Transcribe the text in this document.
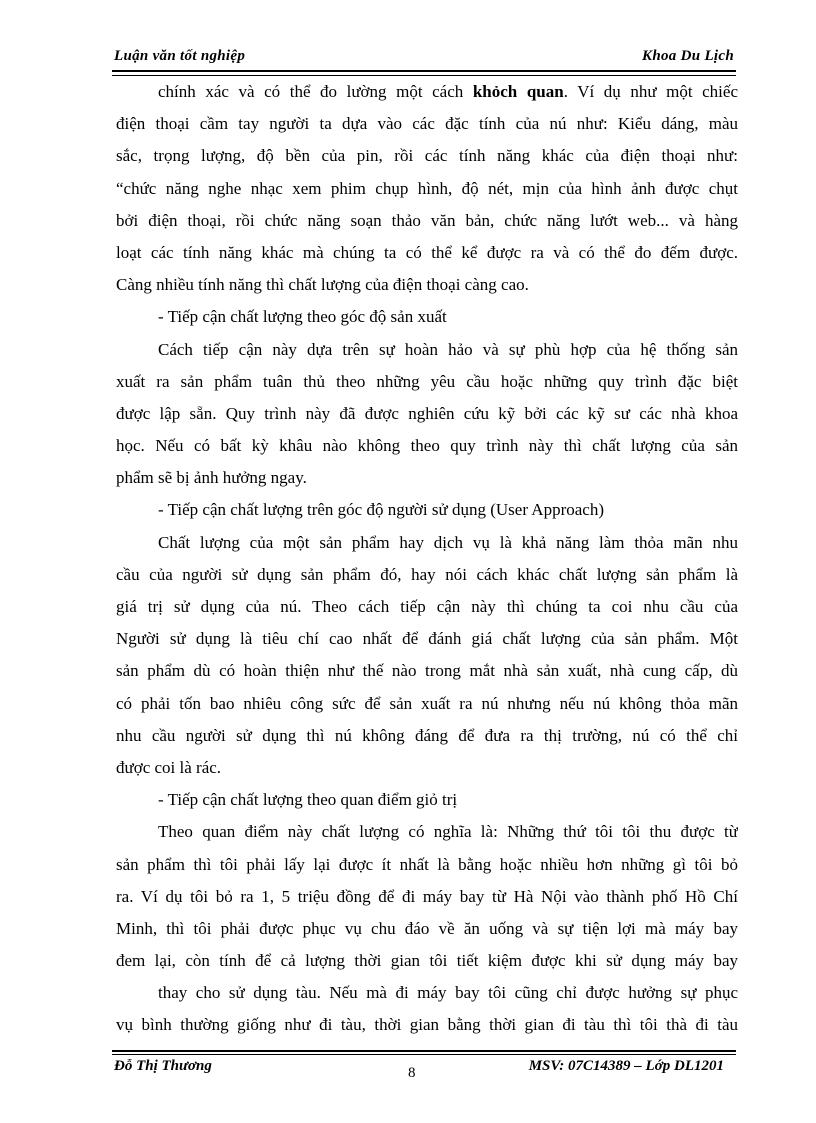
Luận văn tốt nghiệp	Khoa Du Lịch
chính xác và có thể đo lường một cách khỏch quan. Ví dụ như một chiếc
điện thoại cầm tay người ta dựa vào các đặc tính của nú như: Kiểu dáng, màu
sắc, trọng lượng, độ bền của pin, rồi các tính năng khác của điện thoại như:
“chức năng nghe nhạc xem phim chụp hình, độ nét, mịn của hình ảnh được chụt
bởi điện thoại, rồi chức năng soạn thảo văn bản, chức năng lướt web... và hàng
loạt các tính năng khác mà chúng ta có thể kể được ra và có thể đo đếm được.
Càng nhiều tính năng thì chất lượng của điện thoại càng cao.
- Tiếp cận chất lượng theo góc độ sản xuất
Cách tiếp cận này dựa trên sự hoàn hảo và sự phù hợp của hệ thống sản
xuất ra sản phẩm tuân thủ theo những yêu cầu hoặc những quy trình đặc biệt
được lập sẵn. Quy trình này đã được nghiên cứu kỹ bởi các kỹ sư các nhà khoa
học. Nếu có bất kỳ khâu nào không theo quy trình này thì chất lượng của sản
phẩm sẽ bị ảnh hưởng ngay.
- Tiếp cận chất lượng trên góc độ người sử dụng (User Approach)
Chất lượng của một sản phẩm hay dịch vụ là khả năng làm thỏa mãn nhu
cầu của người sử dụng sản phẩm đó, hay nói cách khác chất lượng sản phẩm là
giá trị sử dụng của nú. Theo cách tiếp cận này thì chúng ta coi nhu cầu của
Người sử dụng là tiêu chí cao nhất để đánh giá chất lượng của sản phẩm. Một
sản phẩm dù có hoàn thiện như thế nào trong mắt nhà sản xuất, nhà cung cấp, dù
có phải tốn bao nhiêu công sức để sản xuất ra nú nhưng nếu nú không thỏa mãn
nhu cầu người sử dụng thì nú không đáng để đưa ra thị trường, nú có thể chỉ
được coi là rác.
- Tiếp cận chất lượng theo quan điểm giỏ trị
Theo quan điểm này chất lượng có nghĩa là: Những thứ tôi tôi thu được từ
sản phẩm thì tôi phải lấy lại được ít nhất là bằng hoặc nhiều hơn những gì tôi bỏ
ra. Ví dụ tôi bỏ ra 1, 5 triệu đồng để đi máy bay từ Hà Nội vào thành phố Hồ Chí
Minh, thì tôi phải được phục vụ chu đáo về ăn uống và sự tiện lợi mà máy bay
đem lại, còn tính để cả lượng thời gian tôi tiết kiệm được khi sử dụng máy bay
thay cho sử dụng tàu. Nếu mà đi máy bay tôi cũng chỉ được hưởng sự phục
vụ bình thường giống như đi tàu, thời gian bằng thời gian đi tàu thì tôi thà đi tàu
Đỗ Thị Thương	8	MSV: 07C14389 – Lớp DL1201
